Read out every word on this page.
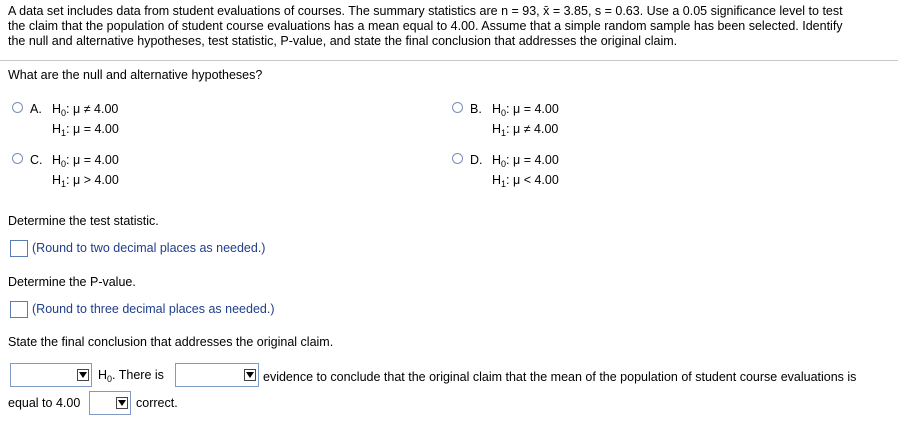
A data set includes data from student evaluations of courses. The summary statistics are n = 93, x̄ = 3.85, s = 0.63. Use a 0.05 significance level to test
the claim that the population of student course evaluations has a mean equal to 4.00. Assume that a simple random sample has been selected. Identify
the null and alternative hypotheses, test statistic, P-value, and state the final conclusion that addresses the original claim.
What are the null and alternative hypotheses?
A. $H_0$: μ ≠ 4.00
$H_1$: μ = 4.00
B. $H_0$: μ = 4.00
$H_1$: μ ≠ 4.00
C. $H_0$: μ = 4.00
$H_1$: μ > 4.00
D. $H_0$: μ = 4.00
$H_1$: μ < 4.00
Determine the test statistic.
(Round to two decimal places as needed.)
Determine the P-value.
(Round to three decimal places as needed.)
State the final conclusion that addresses the original claim.
$H_0$. There is	evidence to conclude that the original claim that the mean of the population of student course evaluations is
equal to 4.00	correct.
